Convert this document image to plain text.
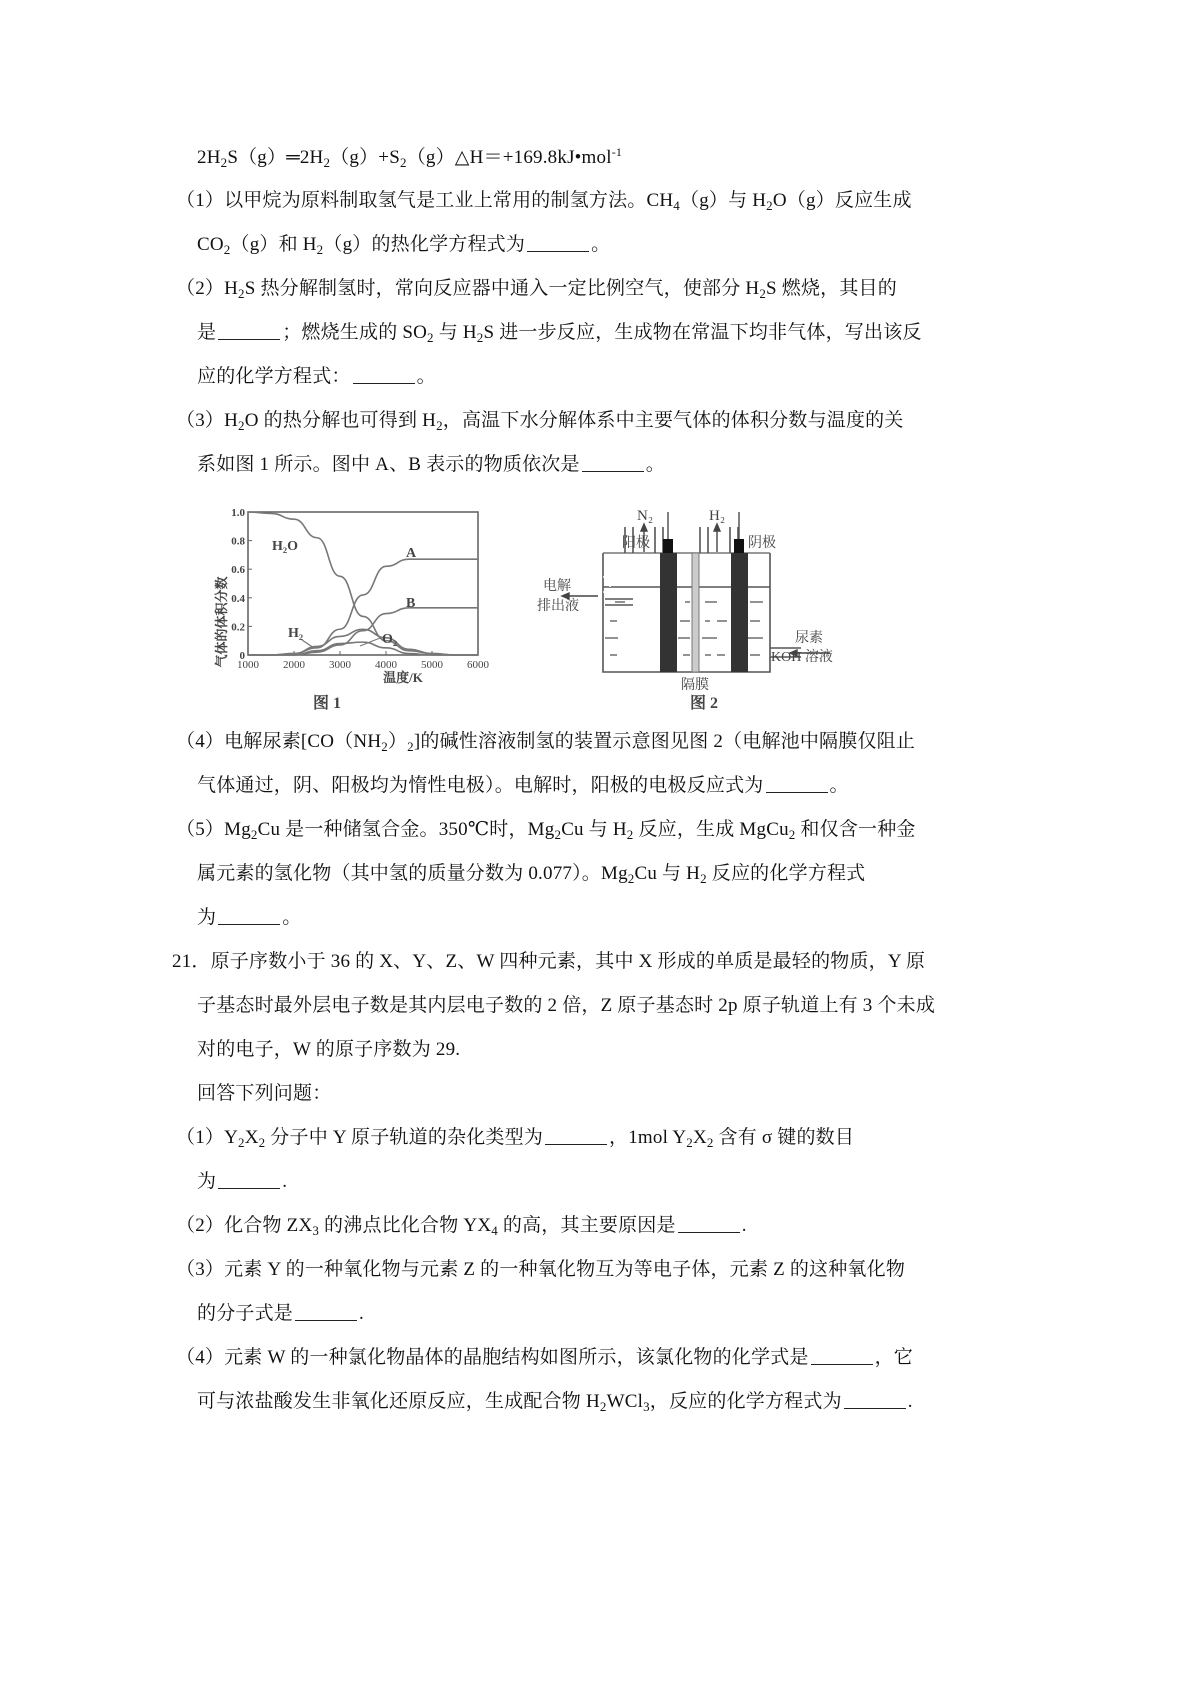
$2H_2S(g)═2H_2(g)+S_2(g)\triangle H=+169.8kJ•mol^{-1}$
（1）以甲烷为原料制取氢气是工业上常用的制氢方法。$CH_4(g)$与 $H_2O(g)$反应生成
$CO_2(g)$和 $H_2(g)$的热化学方程式为	。
$(2)H_2S$ 热分解制氢时，常向反应器中通入一定比例空气，使部分 $H_2S$ 燃烧，其目的
是	；燃烧生成的 $SO_2$ 与 $H_2S$ 进一步反应，生成物在常温下均非气体，写出该反
应的化学方程式：	。
$(3)H_2O$ 的热分解也可得到 $H_2$，高温下水分解体系中主要气体的体积分数与温度的关
系如图 1 所示。图中 A、B 表示的物质依次是	。
0
0.2
0.4
0.6
0.8
1.0
1000 2000 3000 4000 5000 6000
气体的体积分数
温度/K
H₂O	A
B
H₂	O₂
图 1
N₂	H₂
阳极	阴极
电解
排出液
尿素
KOH 溶液
隔膜
图 2
（4）电解尿素$[CO(NH_2)_2]$的碱性溶液制氢的装置示意图见图 2（电解池中隔膜仅阻止
气体通过，阴、阳极均为惰性电极）。电解时，阳极的电极反应式为	。
$(5)Mg_2Cu$ 是一种储氢合金。350℃时，$Mg_2Cu$ 与 $H_2$ 反应，生成 MgCu$_2$ 和仅含一种金
属元素的氢化物（其中氢的质量分数为 0.077）。$Mg_2Cu$ 与 $H_2$ 反应的化学方程式
为	。
21．原子序数小于 36 的 X、Y、Z、W 四种元素，其中 X 形成的单质是最轻的物质，Y 原
子基态时最外层电子数是其内层电子数的 2 倍，Z 原子基态时 2p 原子轨道上有 3 个未成
对的电子，W 的原子序数为 29.
回答下列问题：
$(1)Y_2X_2$ 分子中 Y 原子轨道的杂化类型为	，1mol $Y_2X_2$ 含有 σ 键的数目
为	.
（2）化合物 $ZX_3$ 的沸点比化合物 $YX_4$ 的高，其主要原因是	.
（3）元素 Y 的一种氧化物与元素 Z 的一种氧化物互为等电子体，元素 Z 的这种氧化物
的分子式是	.
（4）元素 W 的一种氯化物晶体的晶胞结构如图所示，该氯化物的化学式是	，它
可与浓盐酸发生非氧化还原反应，生成配合物 $H_2WCl_3$，反应的化学方程式为	.
